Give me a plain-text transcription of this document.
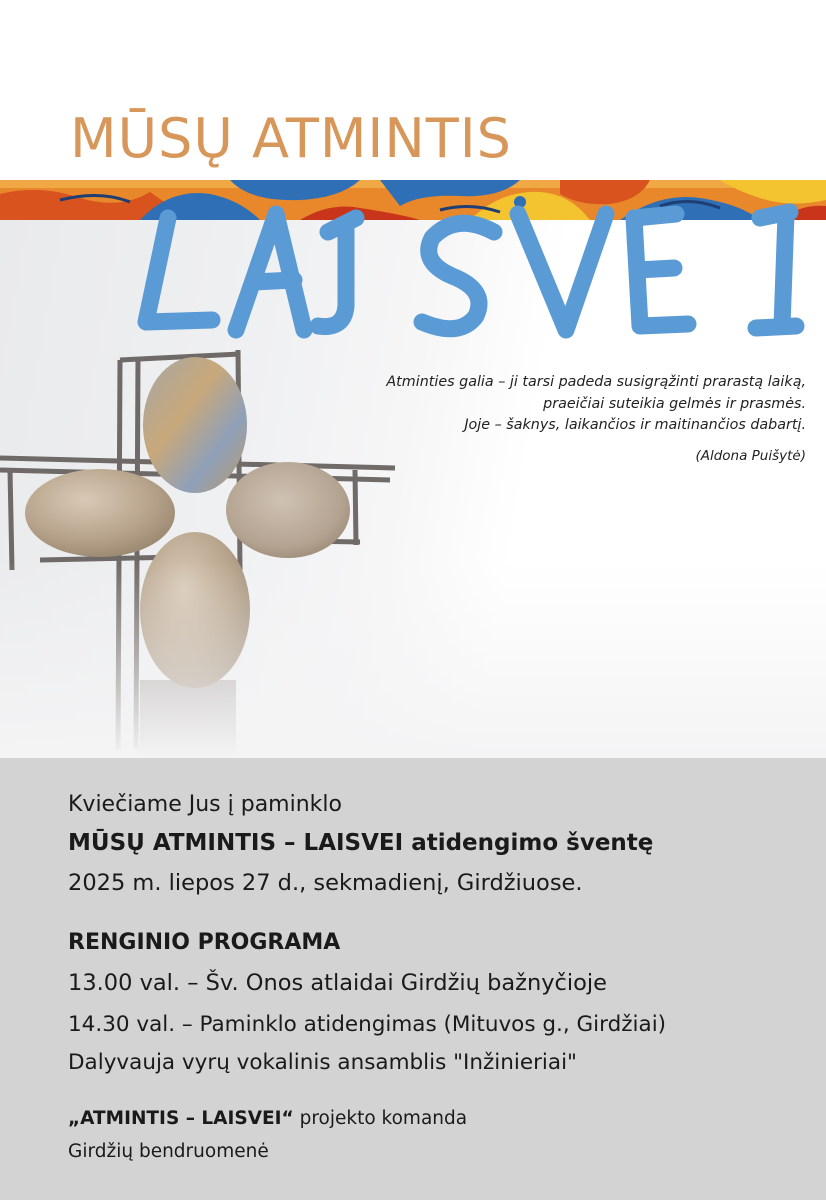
MŪSŲ ATMINTIS
Atminties galia – ji tarsi padeda susigrąžinti prarastą laiką,
praeičiai suteikia gelmės ir prasmės.
Joje – šaknys, laikančios ir maitinančios dabartį.
(Aldona Puišytė)
Kviečiame Jus į paminklo
MŪSŲ ATMINTIS – LAISVEI atidengimo šventę
2025 m. liepos 27 d., sekmadienį, Girdžiuose.
RENGINIO PROGRAMA
13.00 val. – Šv. Onos atlaidai Girdžių bažnyčioje
14.30 val. – Paminklo atidengimas (Mituvos g., Girdžiai)
Dalyvauja vyrų vokalinis ansamblis "Inžinieriai"
„ATMINTIS – LAISVEI“ projekto komanda
Girdžių bendruomenė
